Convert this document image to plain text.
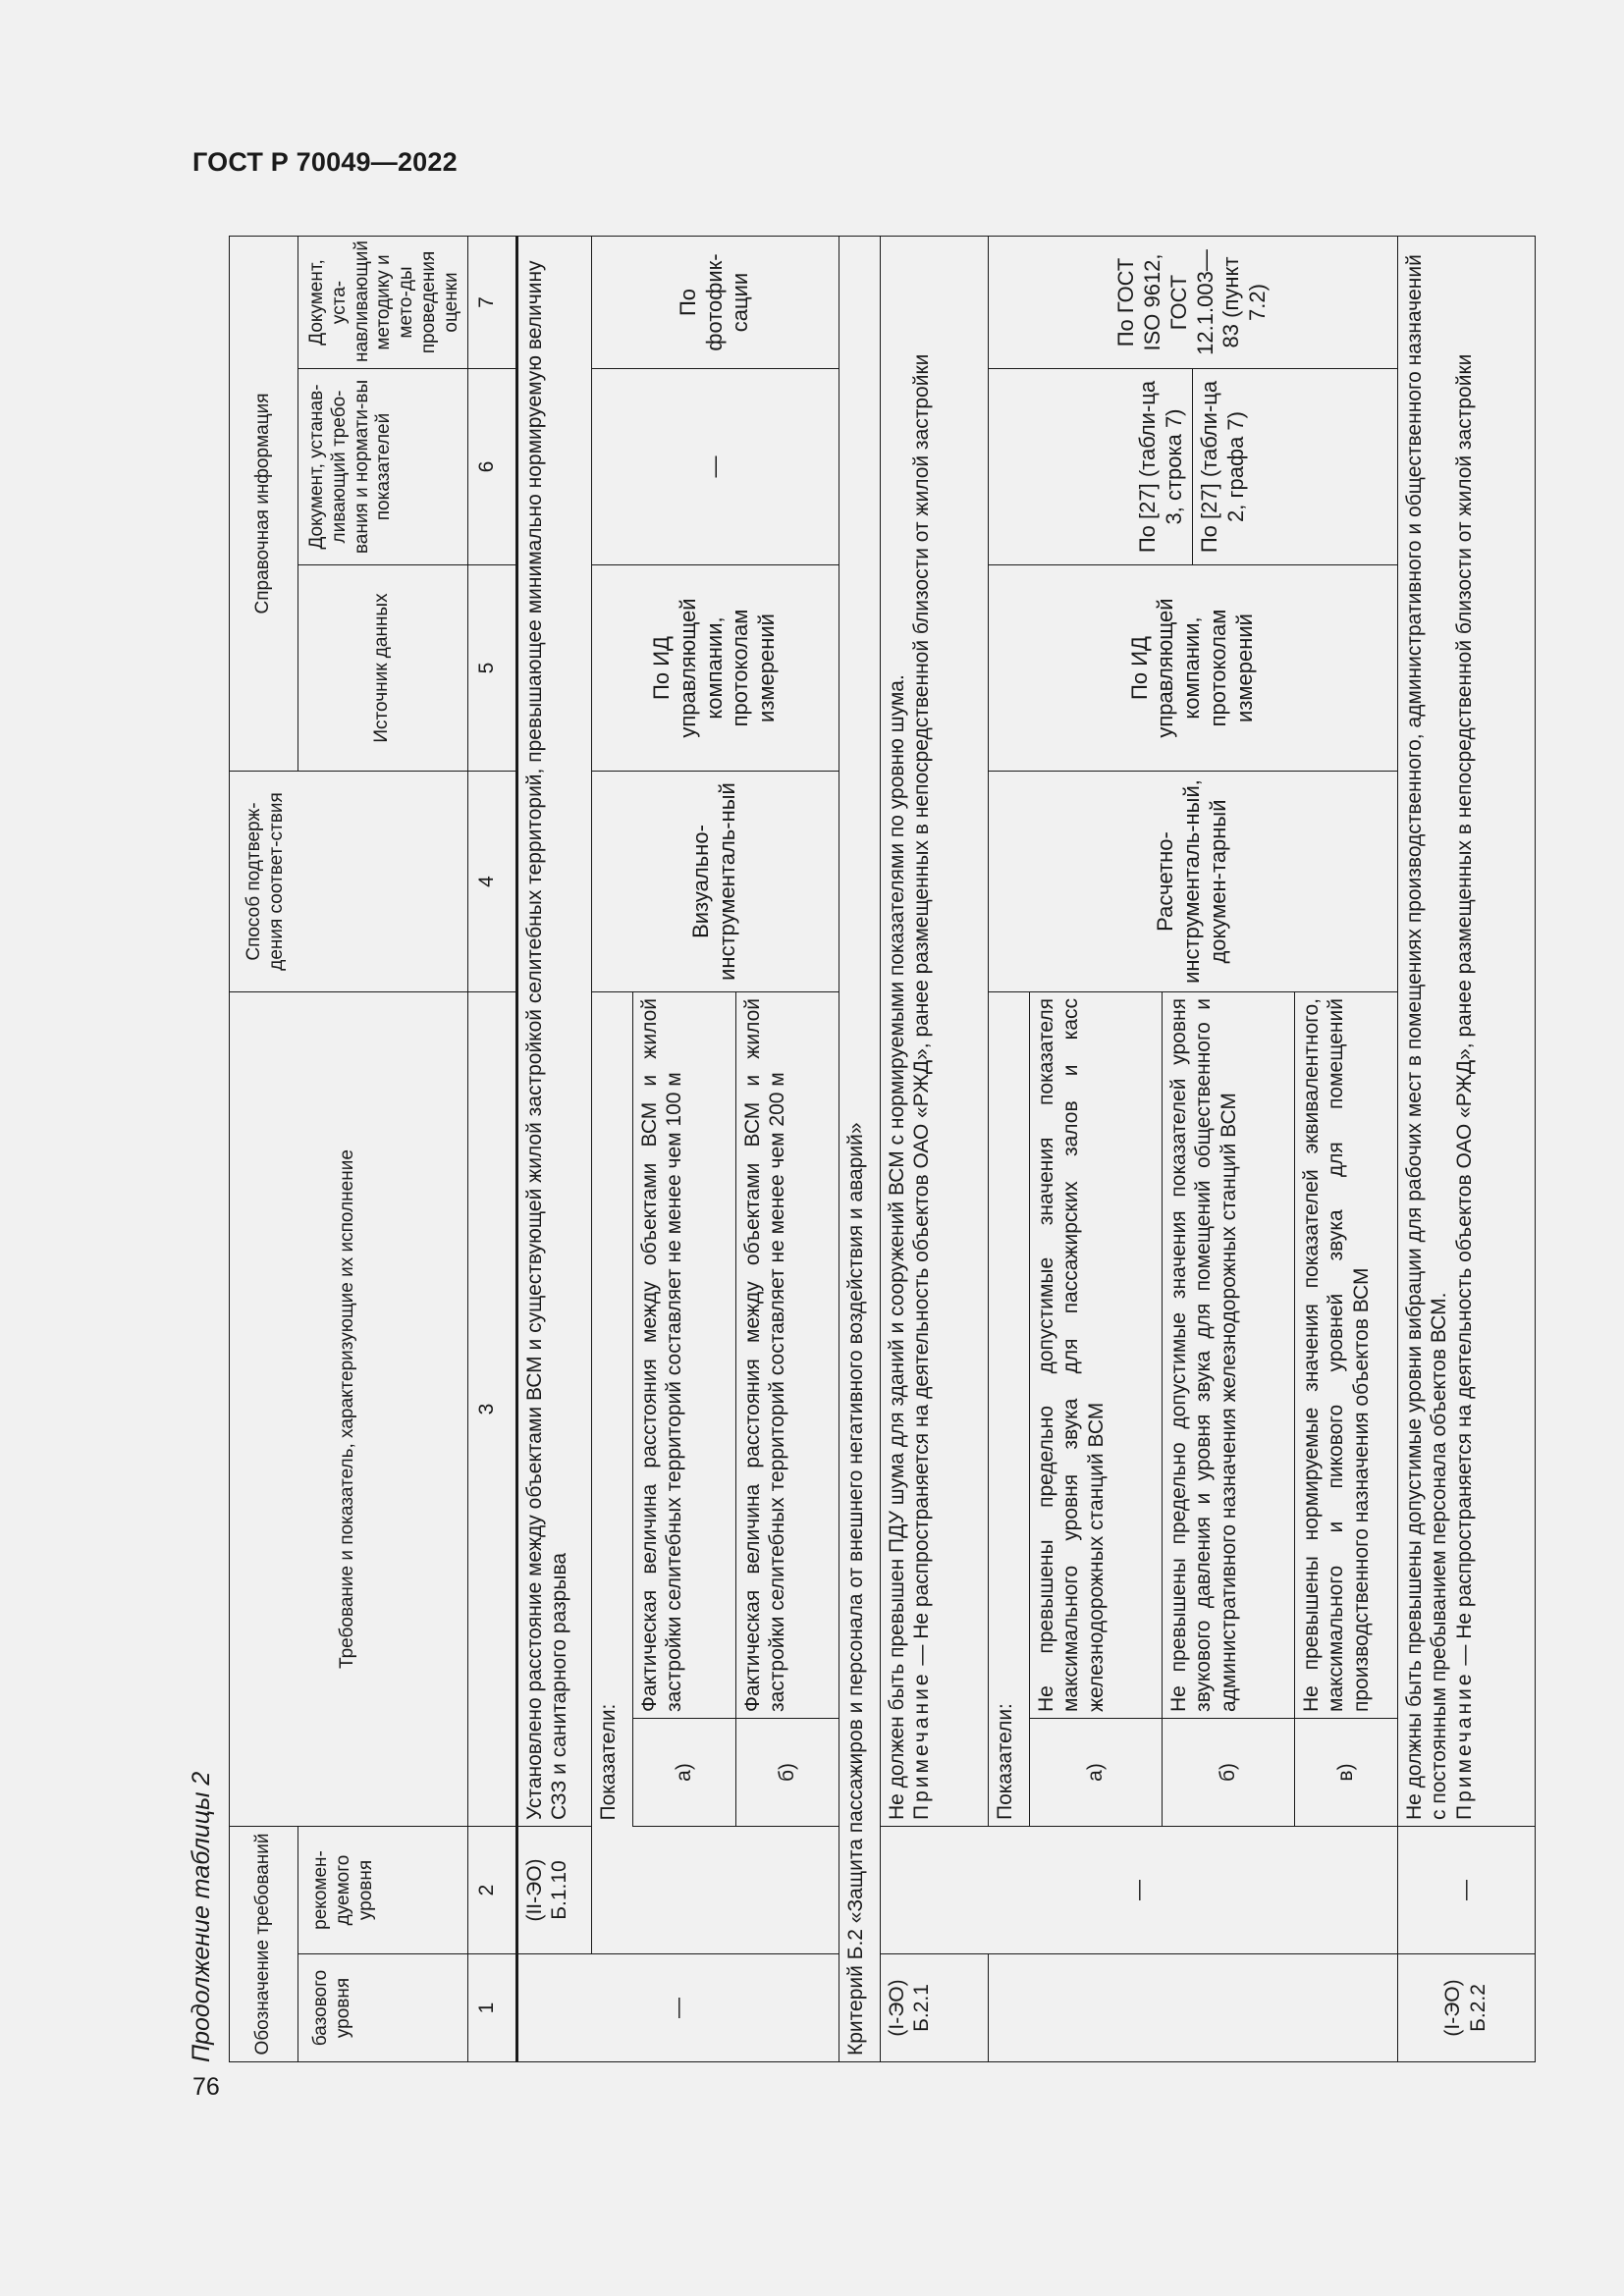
ГОСТ Р 70049—2022
76
Продолжение таблицы 2 Обозначение требований		Требование и показатель, характеризующие их исполнение		Способ подтверж-дения соответ-ствия	Справочная информация		
базового уровня	рекомен-дуемого уровня				Источник данных	Документ, устанав-ливающий требо-вания и нормати-вы показателей	Документ, уста-навливающий методику и мето-ды проведения оценки
1	2	3		4	5	6	7
—	(II-ЭО) Б.1.10	Установлено расстояние между объектами ВСМ и существующей жилой застройкой селитебных территорий, превышающее минимально нормируемую величину СЗЗ и санитарного разрыва					
		Показатели:		Визуально-инструменталь-ный	По ИД управляющей компании, протоколам измерений	—	По фотофик-сации
		а)	Фактическая величина расстояния между объектами ВСМ и жилой застройки селитебных территорий составляет не менее чем 100 м				
		б)	Фактическая величина расстояния между объектами ВСМ и жилой застройки селитебных территорий составляет не менее чем 200 м				
Критерий Б.2 «Защита пассажиров и персонала от внешнего негативного воздействия и аварий»							
(I-ЭО) Б.2.1	—	Не должен быть превышен ПДУ шума для зданий и сооружений ВСМ с нормируемыми показателями по уровню шума. Примечание — Не распространяется на деятельность объектов ОАО «РЖД», ранее размещенных в непосредственной близости от жилой застройки					

		Показатели:		Расчетно-инструменталь-ный, докумен-тарный	По ИД управляющей компании, протоколам измерений	По [27] (табли-ца 3, строка 7) По [27] (табли-ца 2, графа 7)	По ГОСТ ISO 9612, ГОСТ 12.1.003—83 (пункт 7.2)
		а)	Не превышены предельно допустимые значения показателя максимального уровня звука для пассажирских залов и касс железнодорожных станций ВСМ				
		б)	Не превышены предельно допустимые значения показателей уровня звукового давления и уровня звука для помещений общественного и административного назначения железнодорожных станций ВСМ				
		в)	Не превышены нормируемые значения показателей эквивалентного, максимального и пикового уровней звука для помещений производственного назначения объектов ВСМ				
(I-ЭО) Б.2.2	—	Не должны быть превышены допустимые уровни вибрации для рабочих мест в помещениях производственного, административного и общественного назначений с постоянным пребыванием персонала объектов ВСМ. Примечание — Не распространяется на деятельность объектов ОАО «РЖД», ранее размещенных в непосредственной близости от жилой застройки					
